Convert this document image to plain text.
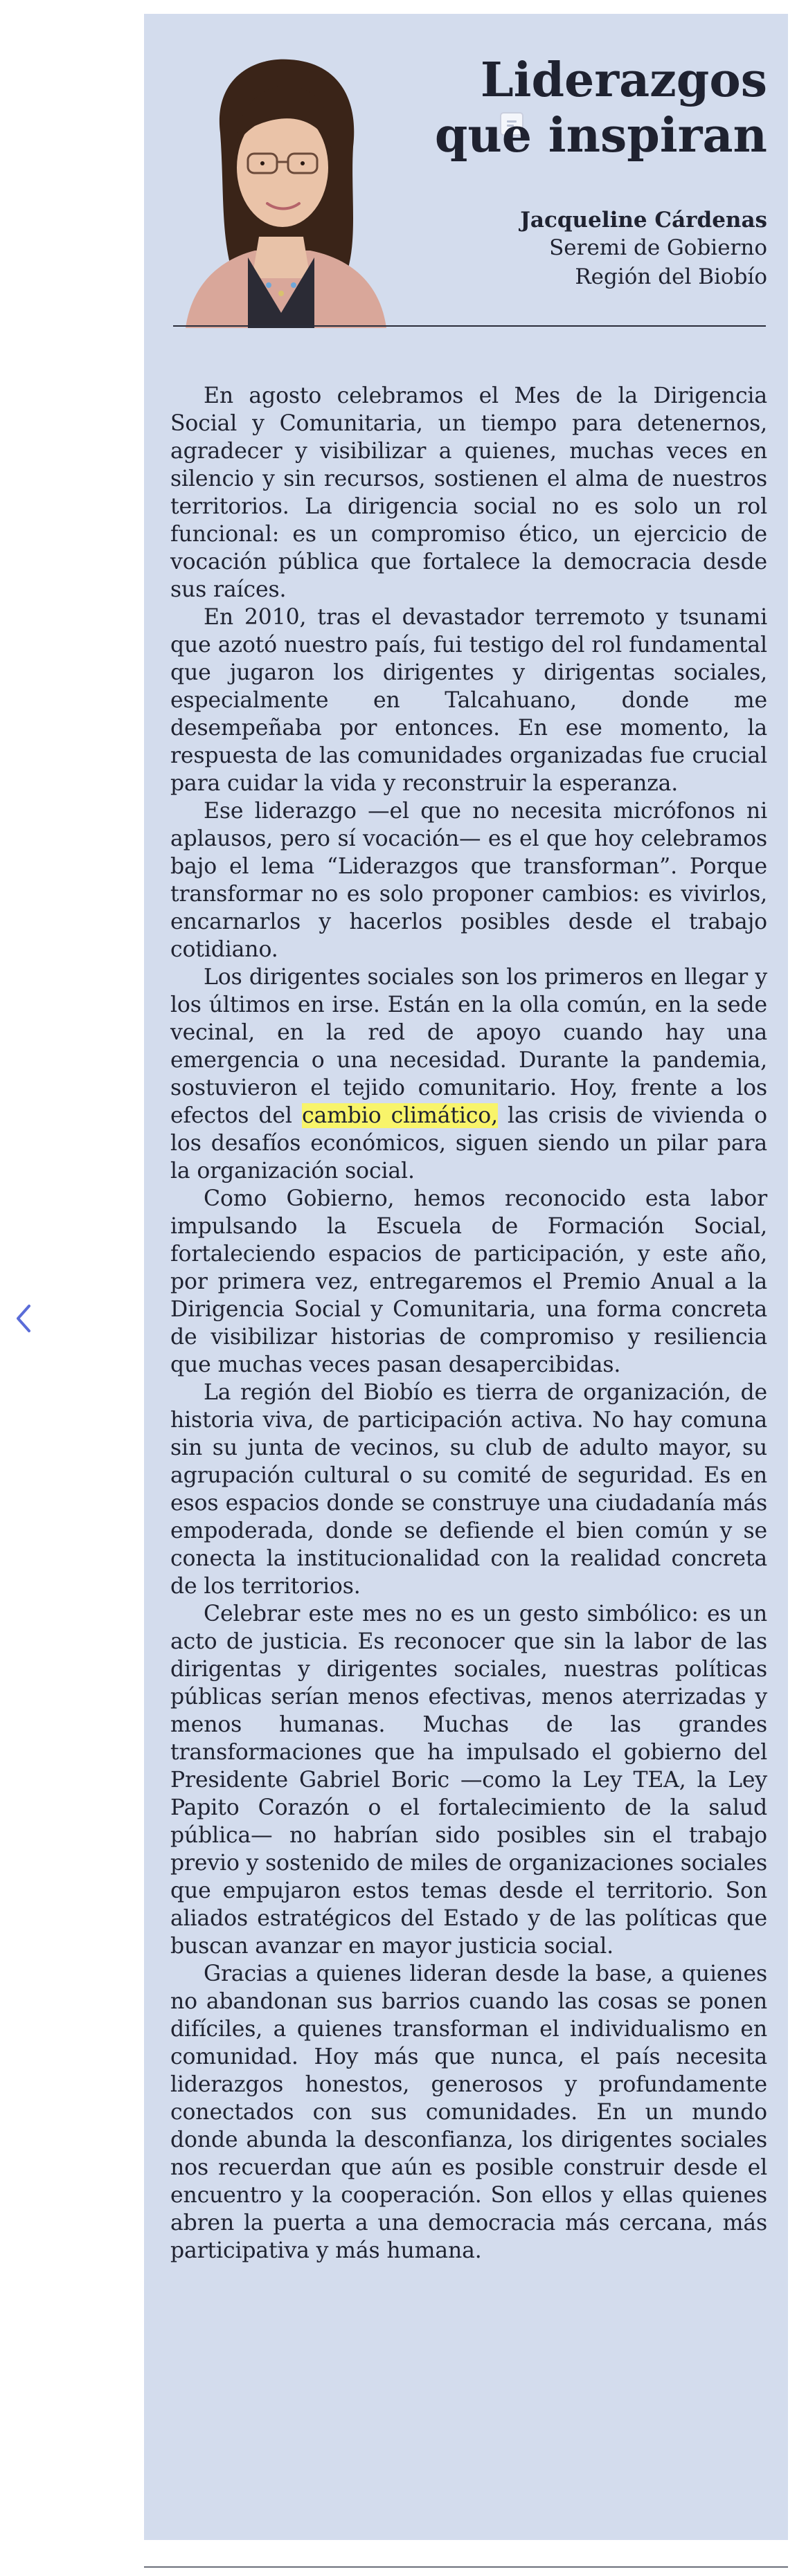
Liderazgos que inspiran
Jacqueline Cárdenas
Seremi de Gobierno
Región del Biobío

En agosto celebramos el Mes de la Dirigencia Social y Comunitaria, un tiempo para detenernos, agradecer y visibilizar a quienes, muchas veces en silencio y sin recursos, sostienen el alma de nuestros territorios. La dirigencia social no es solo un rol funcional: es un compromiso ético, un ejercicio de vocación pública que fortalece la democracia desde sus raíces.

En 2010, tras el devastador terremoto y tsunami que azotó nuestro país, fui testigo del rol fundamental que jugaron los dirigentes y dirigentas sociales, especialmente en Talcahuano, donde me desempeñaba por entonces. En ese momento, la respuesta de las comunidades organizadas fue crucial para cuidar la vida y reconstruir la esperanza.

Ese liderazgo —el que no necesita micrófonos ni aplausos, pero sí vocación— es el que hoy celebramos bajo el lema “Liderazgos que transforman”. Porque transformar no es solo proponer cambios: es vivirlos, encarnarlos y hacerlos posibles desde el trabajo cotidiano.

Los dirigentes sociales son los primeros en llegar y los últimos en irse. Están en la olla común, en la sede vecinal, en la red de apoyo cuando hay una emergencia o una necesidad. Durante la pandemia, sostuvieron el tejido comunitario. Hoy, frente a los efectos del cambio climático, las crisis de vivienda o los desafíos económicos, siguen siendo un pilar para la organización social.

Como Gobierno, hemos reconocido esta labor impulsando la Escuela de Formación Social, fortaleciendo espacios de participación, y este año, por primera vez, entregaremos el Premio Anual a la Dirigencia Social y Comunitaria, una forma concreta de visibilizar historias de compromiso y resiliencia que muchas veces pasan desapercibidas.

La región del Biobío es tierra de organización, de historia viva, de participación activa. No hay comuna sin su junta de vecinos, su club de adulto mayor, su agrupación cultural o su comité de seguridad. Es en esos espacios donde se construye una ciudadanía más empoderada, donde se defiende el bien común y se conecta la institucionalidad con la realidad concreta de los territorios.

Celebrar este mes no es un gesto simbólico: es un acto de justicia. Es reconocer que sin la labor de las dirigentas y dirigentes sociales, nuestras políticas públicas serían menos efectivas, menos aterrizadas y menos humanas. Muchas de las grandes transformaciones que ha impulsado el gobierno del Presidente Gabriel Boric —como la Ley TEA, la Ley Papito Corazón o el fortalecimiento de la salud pública— no habrían sido posibles sin el trabajo previo y sostenido de miles de organizaciones sociales que empujaron estos temas desde el territorio. Son aliados estratégicos del Estado y de las políticas que buscan avanzar en mayor justicia social.

Gracias a quienes lideran desde la base, a quienes no abandonan sus barrios cuando las cosas se ponen difíciles, a quienes transforman el individualismo en comunidad. Hoy más que nunca, el país necesita liderazgos honestos, generosos y profundamente conectados con sus comunidades. En un mundo donde abunda la desconfianza, los dirigentes sociales nos recuerdan que aún es posible construir desde el encuentro y la cooperación. Son ellos y ellas quienes abren la puerta a una democracia más cercana, más participativa y más humana.
